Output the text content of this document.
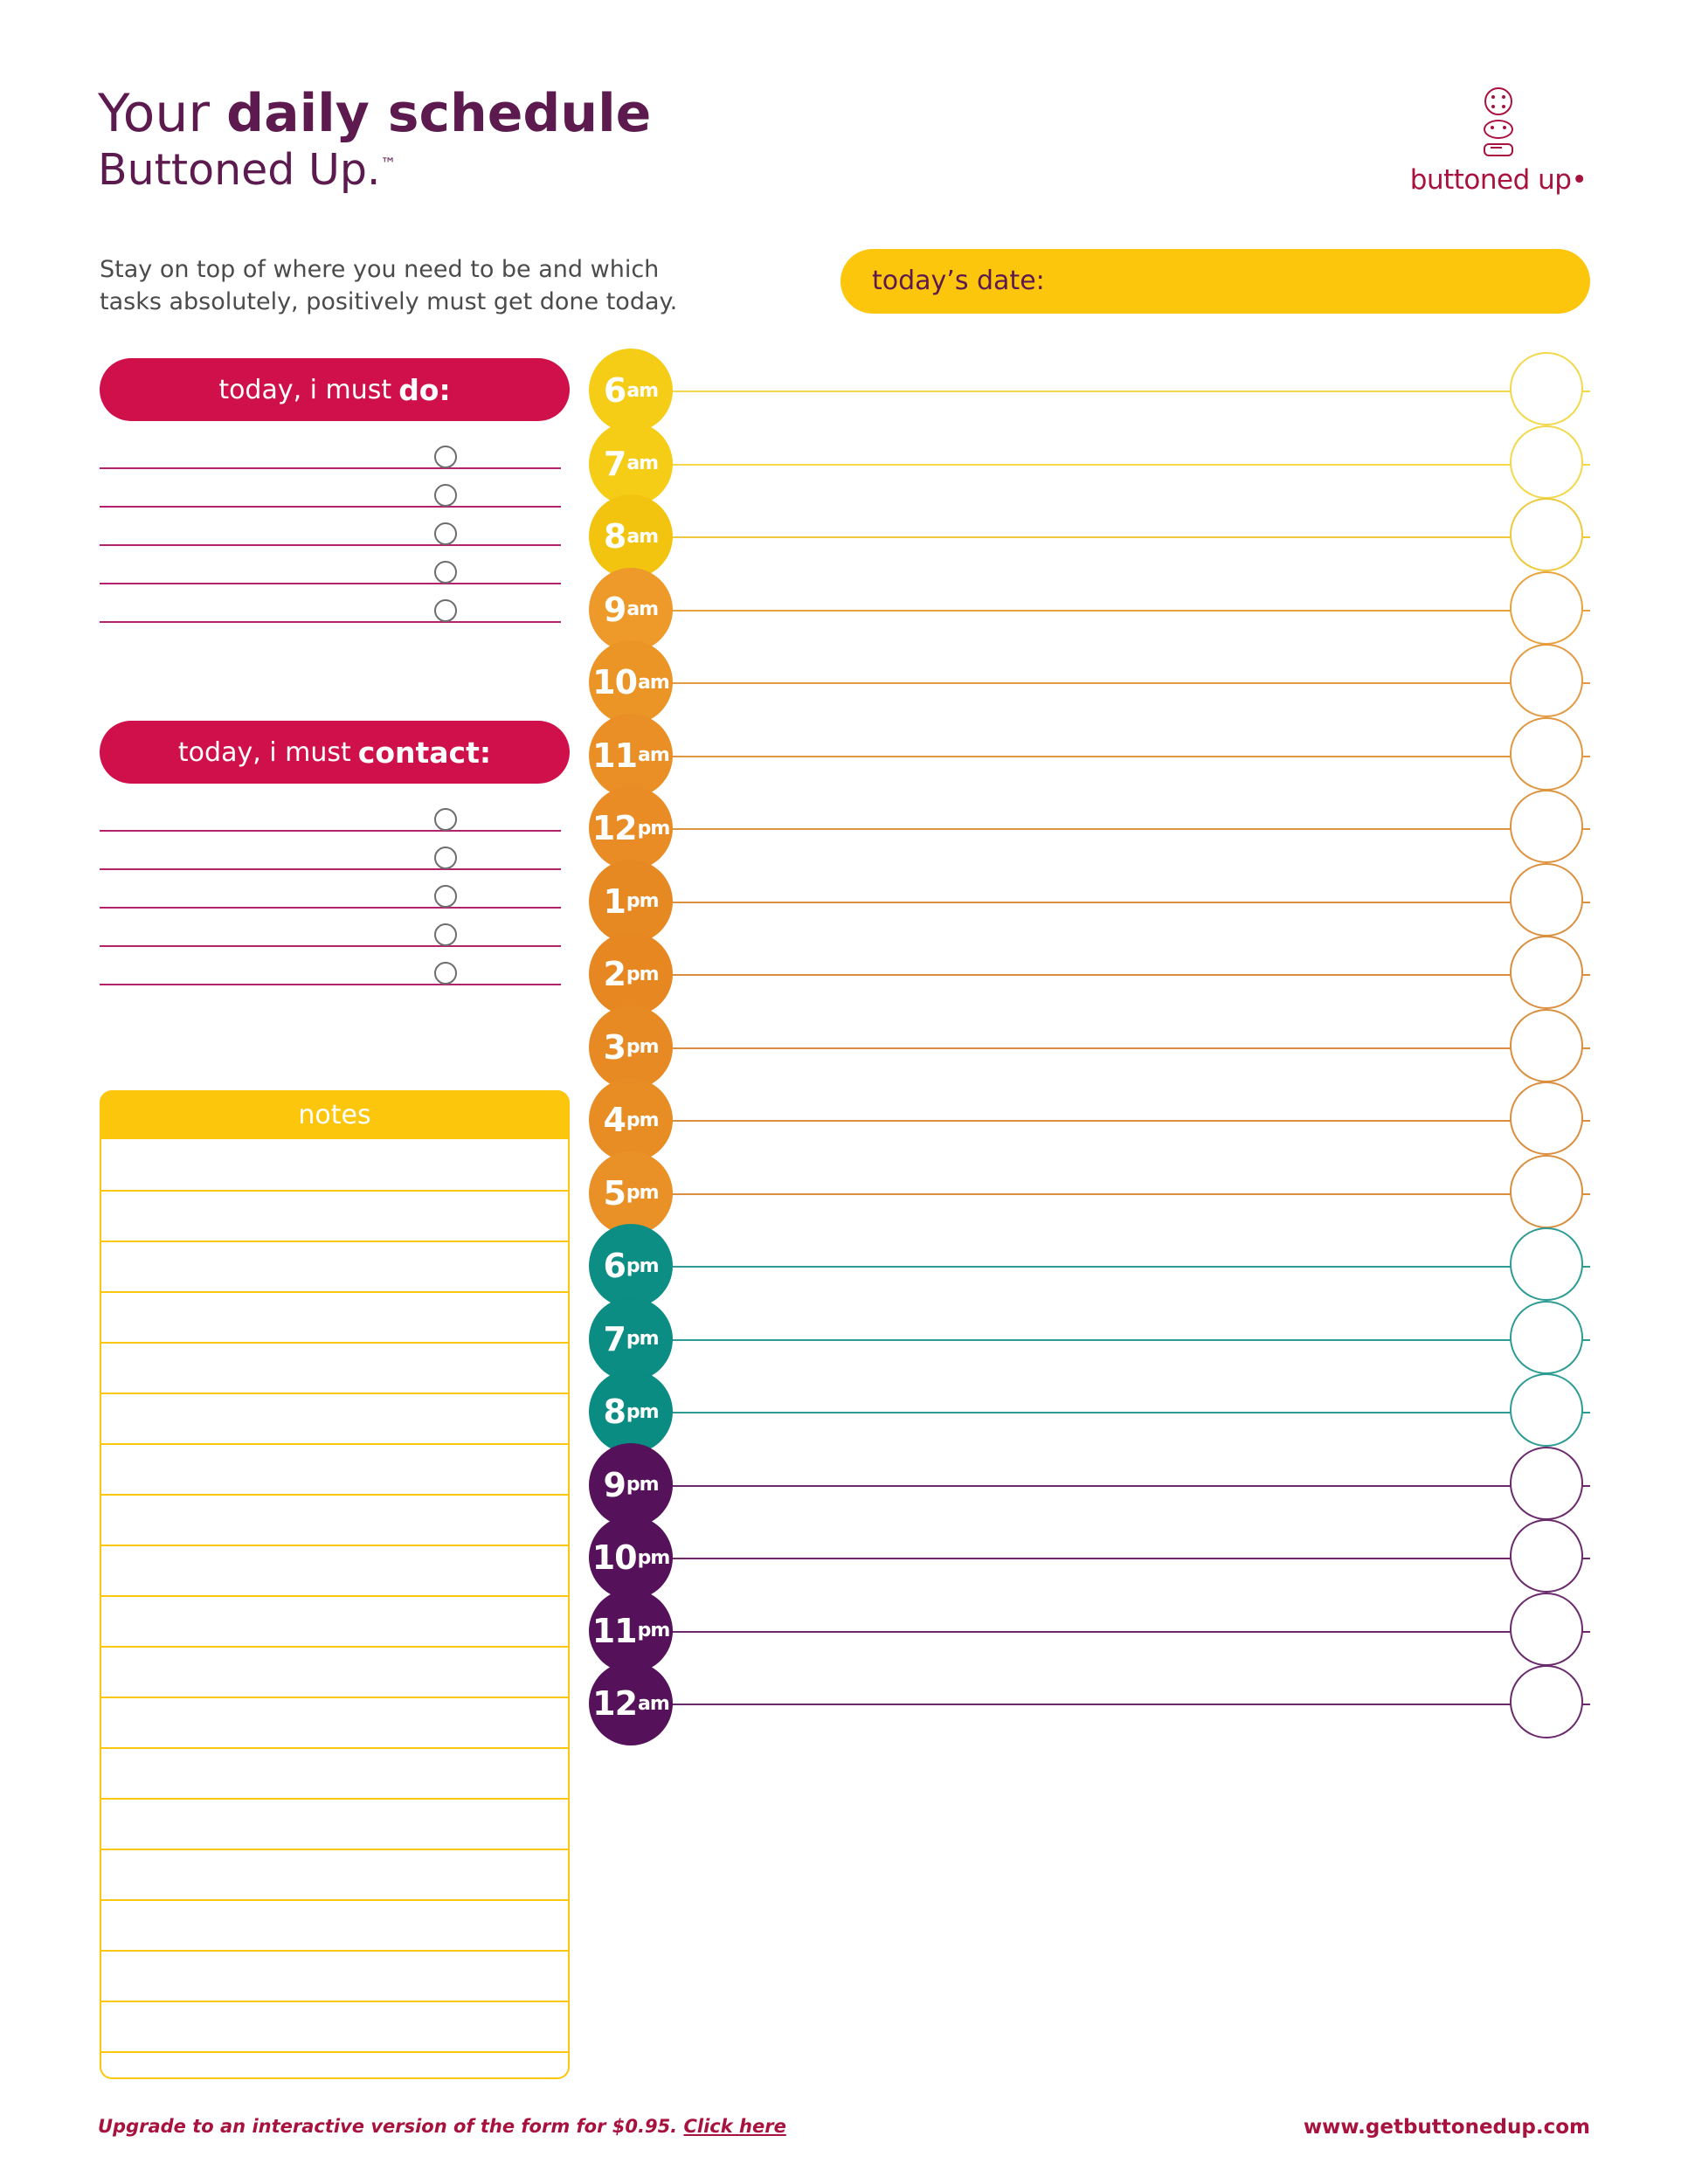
Your daily schedule
Buttoned Up.™
Stay on top of where you need to be and which tasks absolutely, positively must get done today.
buttoned up•
today’s date:
today, i must do:
today, i must contact:
notes
6 am
7 am
8 am
9 am
10 am
11 am
12 pm
1 pm
2 pm
3 pm
4 pm
5 pm
6 pm
7 pm
8 pm
9 pm
10 pm
11 pm
12 am
Upgrade to an interactive version of the form for $0.95. Click here	www.getbuttonedup.com
